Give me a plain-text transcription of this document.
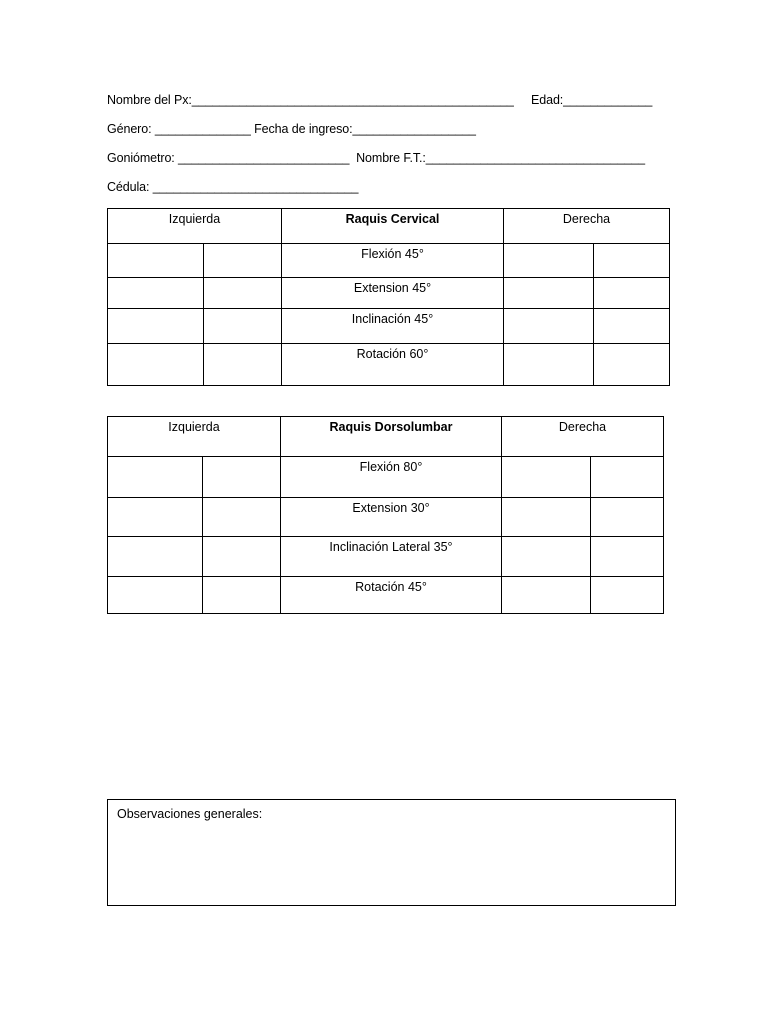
Nombre del Px:_______________________________________________ Edad:_____________
Género: ______________ Fecha de ingreso:__________________
Goniómetro: _________________________  Nombre F.T.:________________________________
Cédula: ______________________________
Izquierda		Raquis Cervical	Derecha	

		Flexión 45°		

		Extension 45°		

		Inclinación 45°		

		Rotación 60°		

Izquierda		Raquis Dorsolumbar	Derecha	

		Flexión 80°		

		Extension 30°		

		Inclinación Lateral 35°		

		Rotación 45°		

Observaciones generales:
